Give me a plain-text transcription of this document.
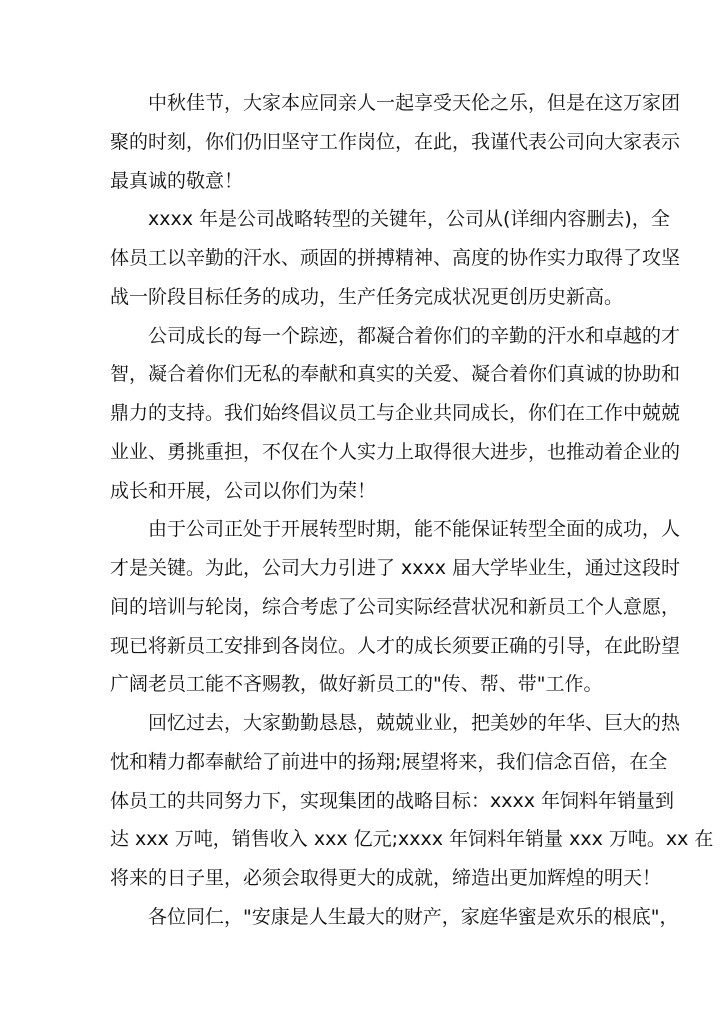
中秋佳节，大家本应同亲人一起享受天伦之乐，但是在这万家团
聚的时刻，你们仍旧坚守工作岗位，在此，我谨代表公司向大家表示
最真诚的敬意！
xxxx 年是公司战略转型的关键年，公司从(详细内容删去)，全
体员工以辛勤的汗水、顽固的拼搏精神、高度的协作实力取得了攻坚
战一阶段目标任务的成功，生产任务完成状况更创历史新高。
公司成长的每一个踪迹，都凝合着你们的辛勤的汗水和卓越的才
智，凝合着你们无私的奉献和真实的关爱、凝合着你们真诚的协助和
鼎力的支持。我们始终倡议员工与企业共同成长，你们在工作中兢兢
业业、勇挑重担，不仅在个人实力上取得很大进步，也推动着企业的
成长和开展，公司以你们为荣！
由于公司正处于开展转型时期，能不能保证转型全面的成功，人
才是关键。为此，公司大力引进了 xxxx 届大学毕业生，通过这段时
间的培训与轮岗，综合考虑了公司实际经营状况和新员工个人意愿，
现已将新员工安排到各岗位。人才的成长须要正确的引导，在此盼望
广阔老员工能不吝赐教，做好新员工的"传、帮、带"工作。
回忆过去，大家勤勤恳恳，兢兢业业，把美妙的年华、巨大的热
忱和精力都奉献给了前进中的扬翔;展望将来，我们信念百倍，在全
体员工的共同努力下，实现集团的战略目标：xxxx 年饲料年销量到
达 xxx 万吨，销售收入 xxx 亿元;xxxx 年饲料年销量 xxx 万吨。xx 在
将来的日子里，必须会取得更大的成就，缔造出更加辉煌的明天！
各位同仁，"安康是人生最大的财产，家庭华蜜是欢乐的根底"，
